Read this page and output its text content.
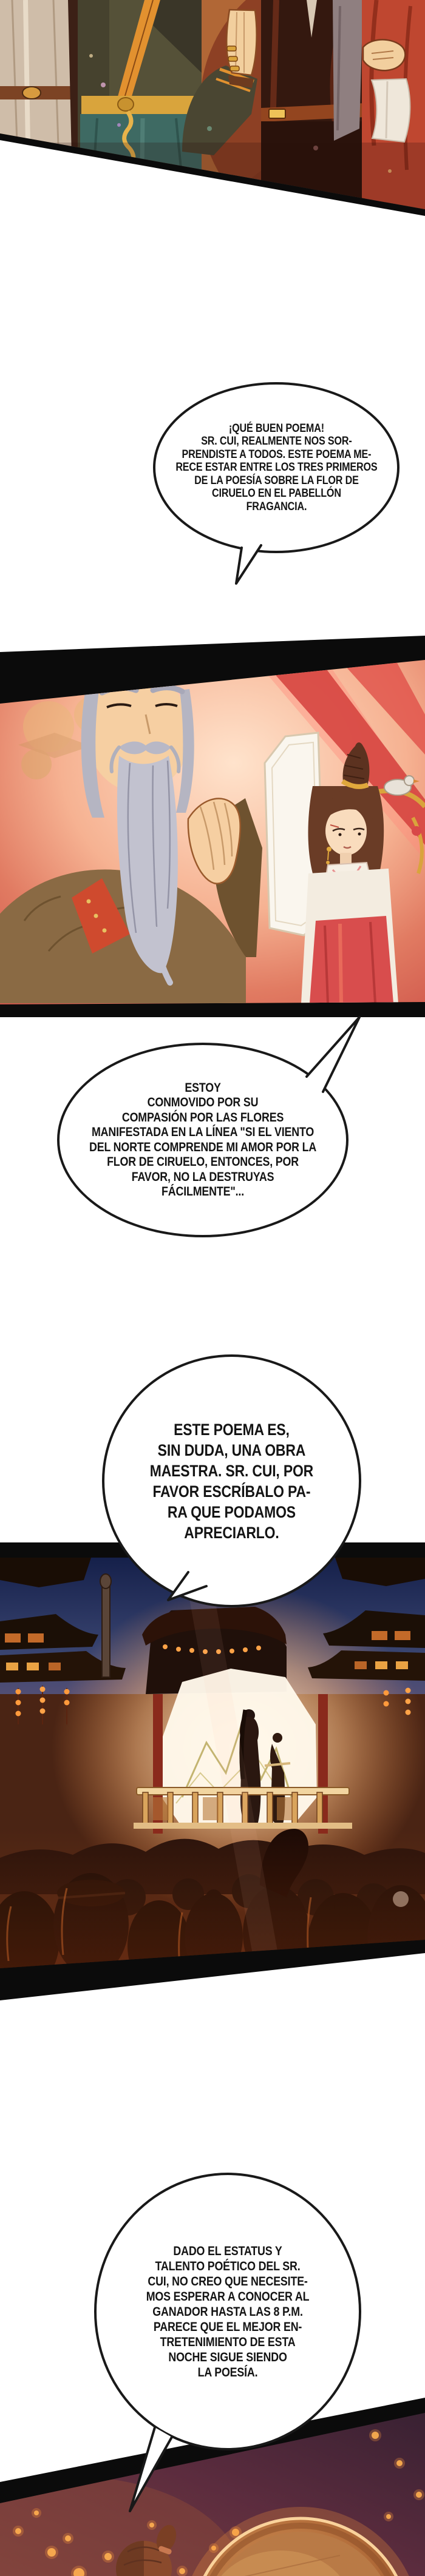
¡QUÉ BUEN POEMA!
SR. CUI, REALMENTE NOS SOR-
PRENDISTE A TODOS. ESTE POEMA ME-
RECE ESTAR ENTRE LOS TRES PRIMEROS
DE LA POESÍA SOBRE LA FLOR DE
CIRUELO EN EL PABELLÓN
FRAGANCIA.
ESTOY
CONMOVIDO POR SU
COMPASIÓN POR LAS FLORES
MANIFESTADA EN LA LÍNEA "SI EL VIENTO
DEL NORTE COMPRENDE MI AMOR POR LA
FLOR DE CIRUELO, ENTONCES, POR
FAVOR, NO LA DESTRUYAS
FÁCILMENTE"...
ESTE POEMA ES,
SIN DUDA, UNA OBRA
MAESTRA. SR. CUI, POR
FAVOR ESCRÍBALO PA-
RA QUE PODAMOS
APRECIARLO.
DADO EL ESTATUS Y
TALENTO POÉTICO DEL SR.
CUI, NO CREO QUE NECESITE-
MOS ESPERAR A CONOCER AL
GANADOR HASTA LAS 8 P.M.
PARECE QUE EL MEJOR EN-
TRETENIMIENTO DE ESTA
NOCHE SIGUE SIENDO
LA POESÍA.
